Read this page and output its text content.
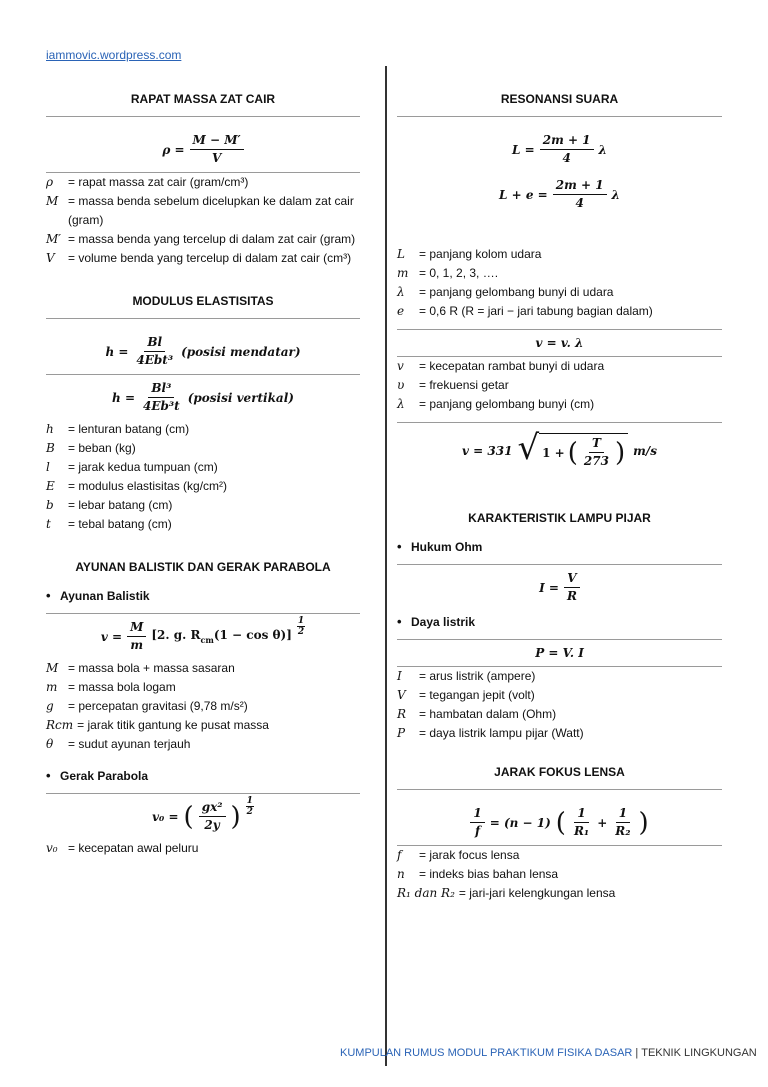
iammovic.wordpress.com
RAPAT MASSA ZAT CAIR
$\rho = \frac{M - M'}{V}$
ρ	= rapat massa zat cair (gram/cm³)
M = massa benda sebelum dicelupkan ke dalam zat cair (gram)
M′ = massa benda yang tercelup di dalam zat cair (gram)
V	= volume benda yang tercelup di dalam zat cair (cm³)
MODULUS ELASTISITAS
$h = \frac{Bl}{\text{4Ebt³}}$ (posisi mendatar)
$h = \frac{\text{Bl³}}{\text{4Eb³t}}$ (posisi vertikal)
h	= lenturan batang (cm)
B	= beban (kg)
l	= jarak kedua tumpuan (cm)
E	= modulus elastisitas (kg/cm²)
b	= lebar batang (cm)
t	= tebal batang (cm)
AYUNAN BALISTIK DAN GERAK PARABOLA
• Ayunan Balistik
$v = \frac{M}{m} [2$. g. $R_{cm}(1 - \cos \theta)] \frac{1}{2}$
M = massa bola + massa sasaran
m = massa bola logam
g	= percepatan gravitasi (9,78 m/s²)
Rcm = jarak titik gantung ke pusat massa
θ	= sudut ayunan terjauh
• Gerak Parabola
v₀ = ( $\frac{\text{gx²}}{2y}$ ) $\frac{1}{2}$
v₀ = kecepatan awal peluru
RESONANSI SUARA
$L = \frac{2m + 1}{4}$ λ
$L + e = \frac{2m + 1}{4}$ λ
L	= panjang kolom udara
m = 0, 1, 2, 3, ….
λ	= panjang gelombang bunyi di udara
e	= 0,6 R (R = jari − jari tabung bagian dalam)
v = v. λ
v	= kecepatan rambat bunyi di udara
υ	= frekuensi getar
λ	= panjang gelombang bunyi (cm)
v = 331 √ 1 + ( $\frac{T}{273}$ ) m/s
KARAKTERISTIK LAMPU PIJAR
• Hukum Ohm
$I = \frac{V}{R}$
• Daya listrik
P = V. I
I	= arus listrik (ampere)
V	= tegangan jepit (volt)
R	= hambatan dalam (Ohm)
P	= daya listrik lampu pijar (Watt)
JARAK FOKUS LENSA
$\frac{1}{f} = (n - 1)$ ( $\frac{1}{\text{R₁}} + \frac{1}{\text{R₂}}$ )
f	= jarak focus lensa
n	= indeks bias bahan lensa
R₁ dan R₂ = jari-jari kelengkungan lensa
KUMPULAN RUMUS MODUL PRAKTIKUM FISIKA DASAR | TEKNIK LINGKUNGAN
